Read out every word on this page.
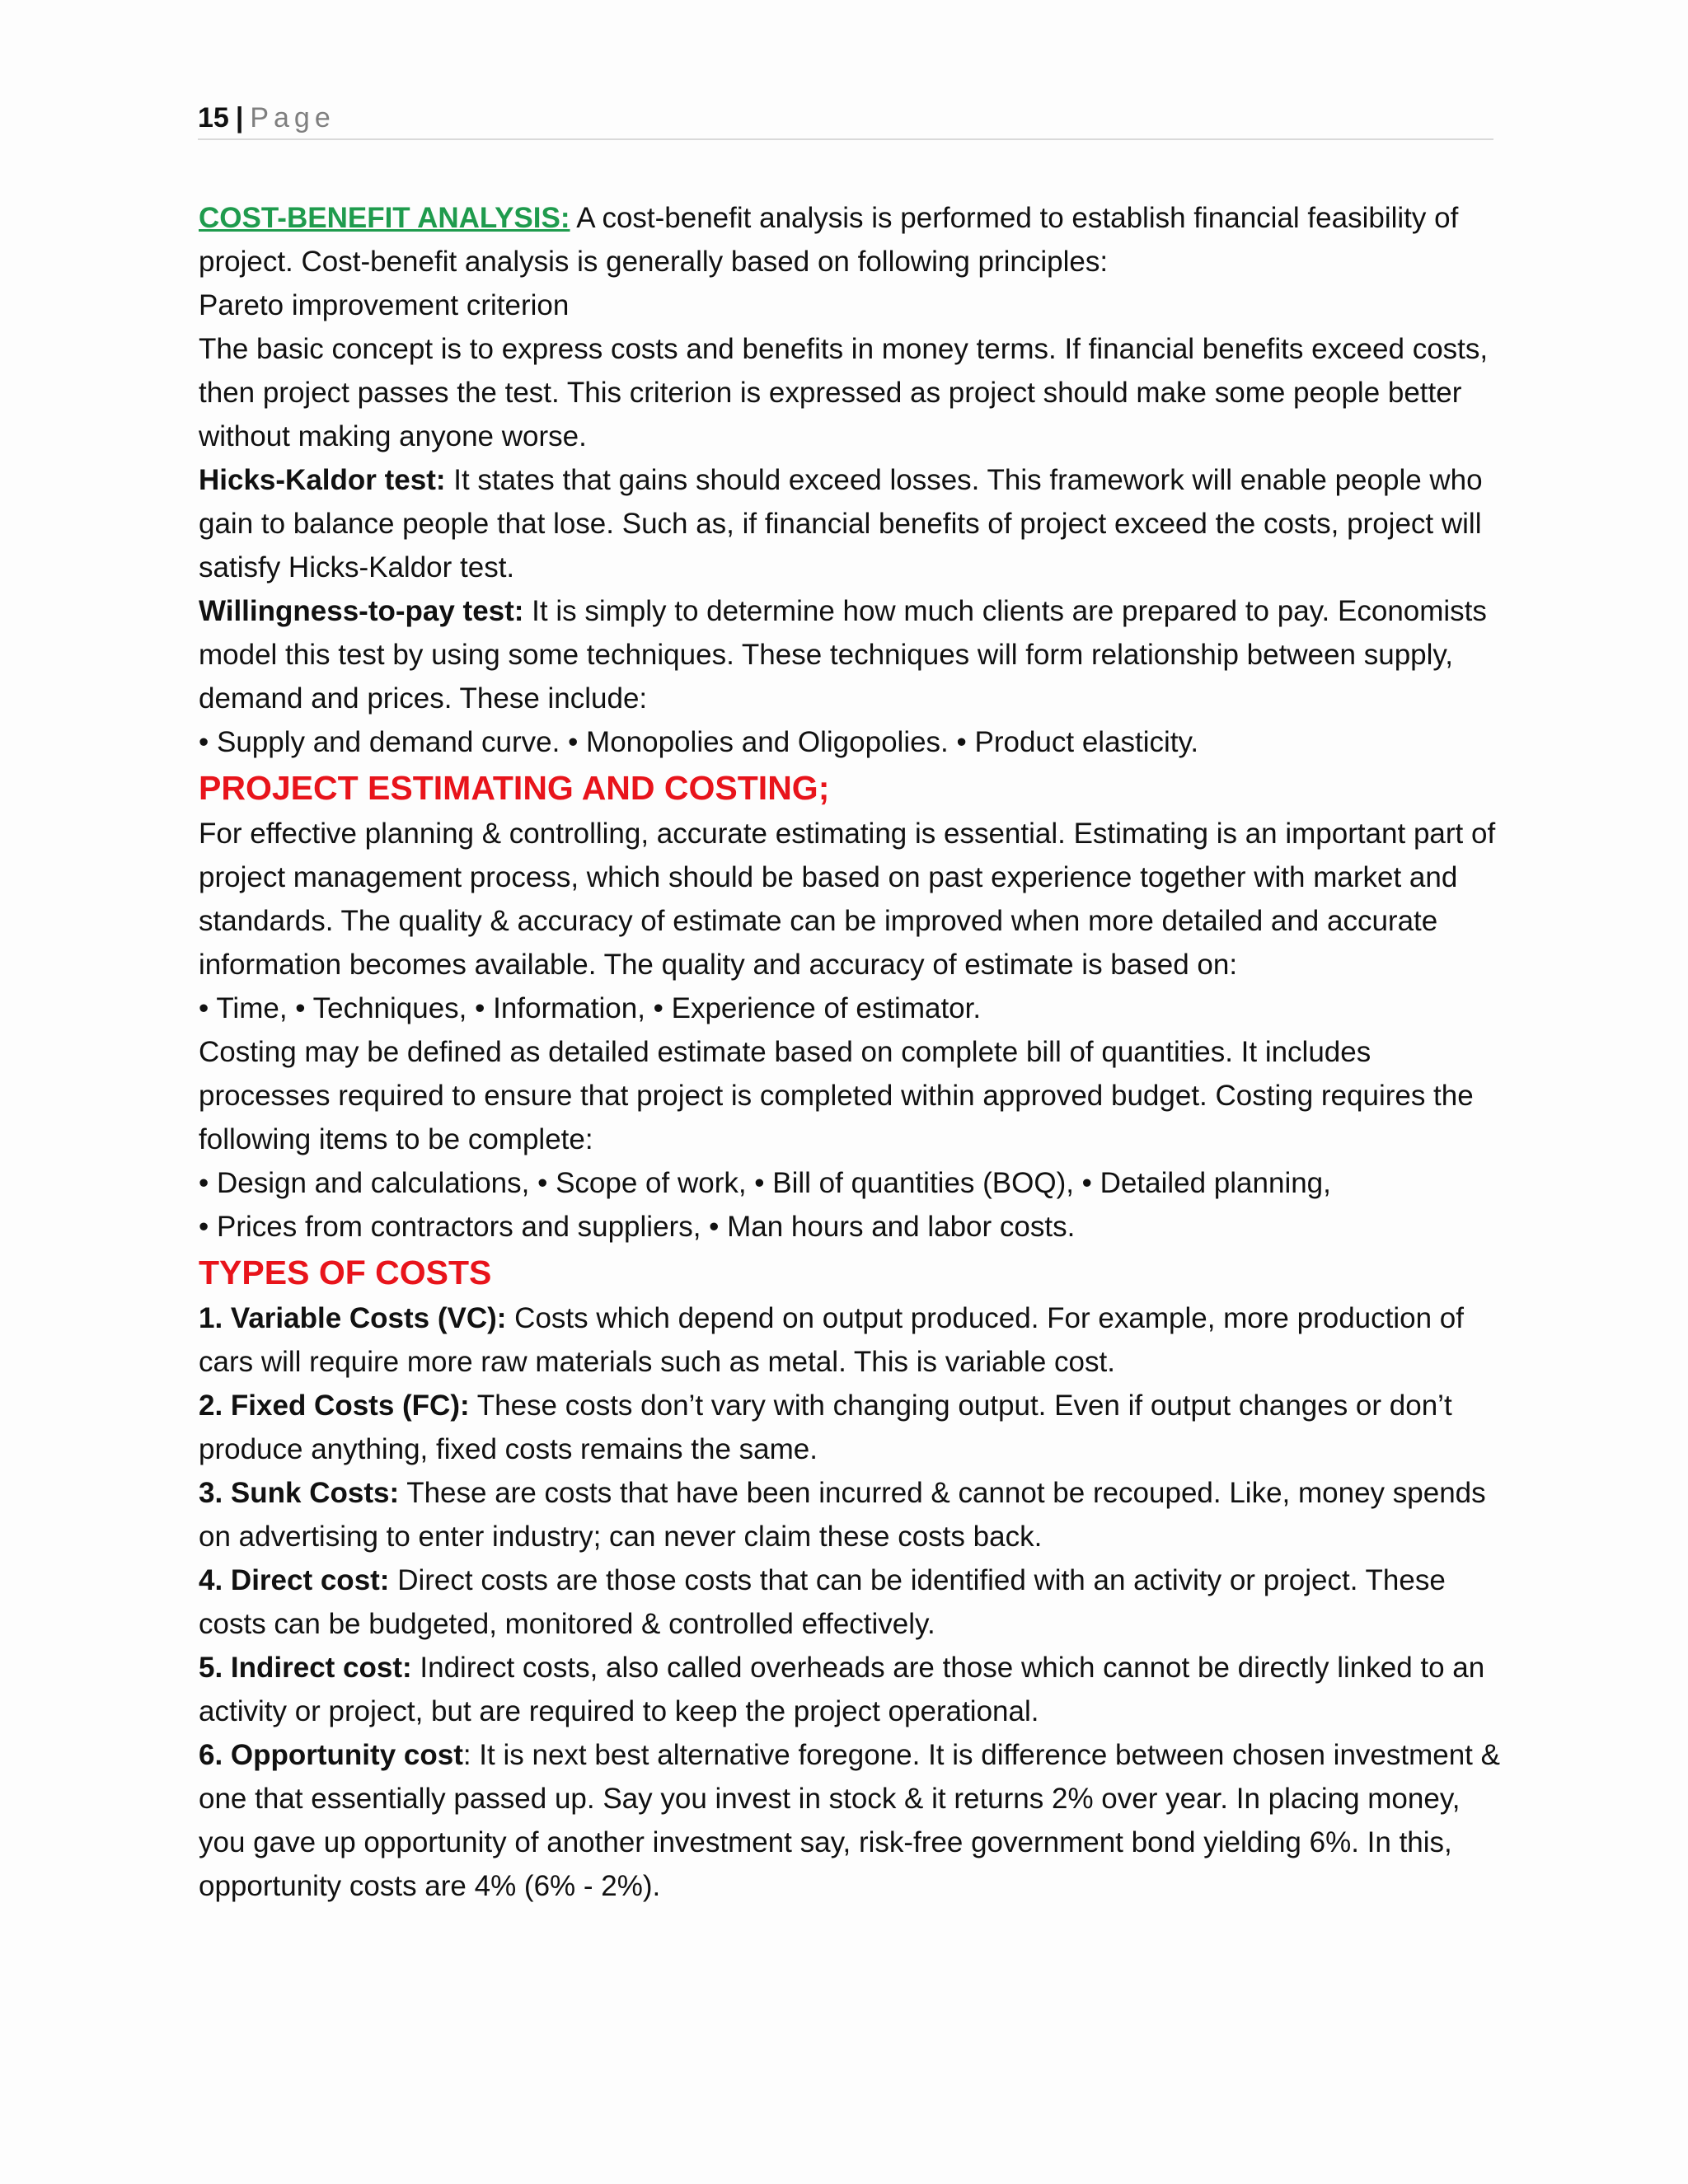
15 | Page

COST-BENEFIT ANALYSIS: A cost-benefit analysis is performed to establish financial feasibility of project. Cost-benefit analysis is generally based on following principles:

Pareto improvement criterion

The basic concept is to express costs and benefits in money terms. If financial benefits exceed costs, then project passes the test. This criterion is expressed as project should make some people better without making anyone worse.

Hicks-Kaldor test: It states that gains should exceed losses. This framework will enable people who gain to balance people that lose. Such as, if financial benefits of project exceed the costs, project will satisfy Hicks-Kaldor test.

Willingness-to-pay test: It is simply to determine how much clients are prepared to pay. Economists model this test by using some techniques. These techniques will form relationship between supply, demand and prices. These include:

• Supply and demand curve. • Monopolies and Oligopolies. • Product elasticity.

PROJECT ESTIMATING AND COSTING;

For effective planning & controlling, accurate estimating is essential. Estimating is an important part of project management process, which should be based on past experience together with market and standards. The quality & accuracy of estimate can be improved when more detailed and accurate information becomes available. The quality and accuracy of estimate is based on:

• Time, • Techniques, • Information, • Experience of estimator.

Costing may be defined as detailed estimate based on complete bill of quantities. It includes processes required to ensure that project is completed within approved budget. Costing requires the following items to be complete:

• Design and calculations, • Scope of work, • Bill of quantities (BOQ), • Detailed planning,

• Prices from contractors and suppliers, • Man hours and labor costs.

TYPES OF COSTS

1. Variable Costs (VC): Costs which depend on output produced. For example, more production of cars will require more raw materials such as metal. This is variable cost.

2. Fixed Costs (FC): These costs don’t vary with changing output. Even if output changes or don’t produce anything, fixed costs remains the same.

3. Sunk Costs: These are costs that have been incurred & cannot be recouped. Like, money spends on advertising to enter industry; can never claim these costs back.

4. Direct cost: Direct costs are those costs that can be identified with an activity or project. These costs can be budgeted, monitored & controlled effectively.

5. Indirect cost: Indirect costs, also called overheads are those which cannot be directly linked to an activity or project, but are required to keep the project operational.

6. Opportunity cost: It is next best alternative foregone. It is difference between chosen investment & one that essentially passed up. Say you invest in stock & it returns 2% over year. In placing money, you gave up opportunity of another investment say, risk-free government bond yielding 6%. In this, opportunity costs are 4% (6% - 2%).
